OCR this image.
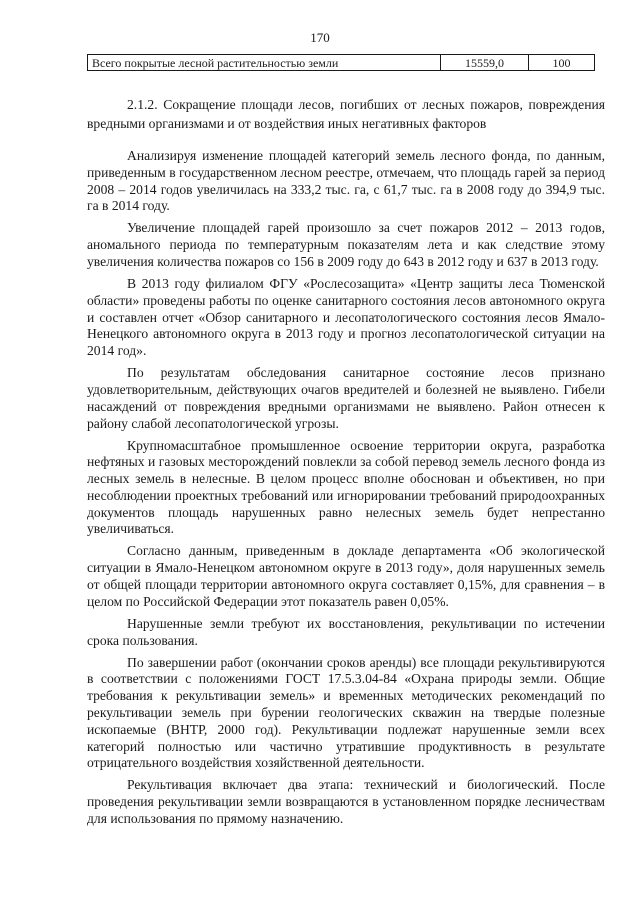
170
Всего покрытые лесной растительностью земли	15559,0	100
2.1.2. Сокращение площади лесов, погибших от лесных пожаров, повреждения вредными организмами и от воздействия иных негативных факторов

Анализируя изменение площадей категорий земель лесного фонда, по данным, приведенным в государственном лесном реестре, отмечаем, что площадь гарей за период 2008 – 2014 годов увеличилась на 333,2 тыс. га, с 61,7 тыс. га в 2008 году до 394,9 тыс. га в 2014 году.

Увеличение площадей гарей произошло за счет пожаров 2012 – 2013 годов, аномального периода по температурным показателям лета и как следствие этому увеличения количества пожаров со 156 в 2009 году до 643 в 2012 году и 637 в 2013 году.

В 2013 году филиалом ФГУ «Рослесозащита» «Центр защиты леса Тюменской области» проведены работы по оценке санитарного состояния лесов автономного округа и составлен отчет «Обзор санитарного и лесопатологического состояния лесов Ямало-Ненецкого автономного округа в 2013 году и прогноз лесопатологической ситуации на 2014 год».

По результатам обследования санитарное состояние лесов признано удовлетворительным, действующих очагов вредителей и болезней не выявлено. Гибели насаждений от повреждения вредными организмами не выявлено. Район отнесен к району слабой лесопатологической угрозы.

Крупномасштабное промышленное освоение территории округа, разработка нефтяных и газовых месторождений повлекли за собой перевод земель лесного фонда из лесных земель в нелесные. В целом процесс вполне обоснован и объективен, но при несоблюдении проектных требований или игнорировании требований природоохранных документов площадь нарушенных равно нелесных земель будет непрестанно увеличиваться.

Согласно данным, приведенным в докладе департамента «Об экологической ситуации в Ямало-Ненецком автономном округе в 2013 году», доля нарушенных земель от общей площади территории автономного округа составляет 0,15%, для сравнения – в целом по Российской Федерации этот показатель равен 0,05%.

Нарушенные земли требуют их восстановления, рекультивации по истечении срока пользования.

По завершении работ (окончании сроков аренды) все площади рекультивируются в соответствии с положениями ГОСТ 17.5.3.04-84 «Охрана природы земли. Общие требования к рекультивации земель» и временных методических рекомендаций по рекультивации земель при бурении геологических скважин на твердые полезные ископаемые (ВНТР, 2000 год). Рекультивации подлежат нарушенные земли всех категорий полностью или частично утратившие продуктивность в результате отрицательного воздействия хозяйственной деятельности.

Рекультивация включает два этапа: технический и биологический. После проведения рекультивации земли возвращаются в установленном порядке лесничествам для использования по прямому назначению.
